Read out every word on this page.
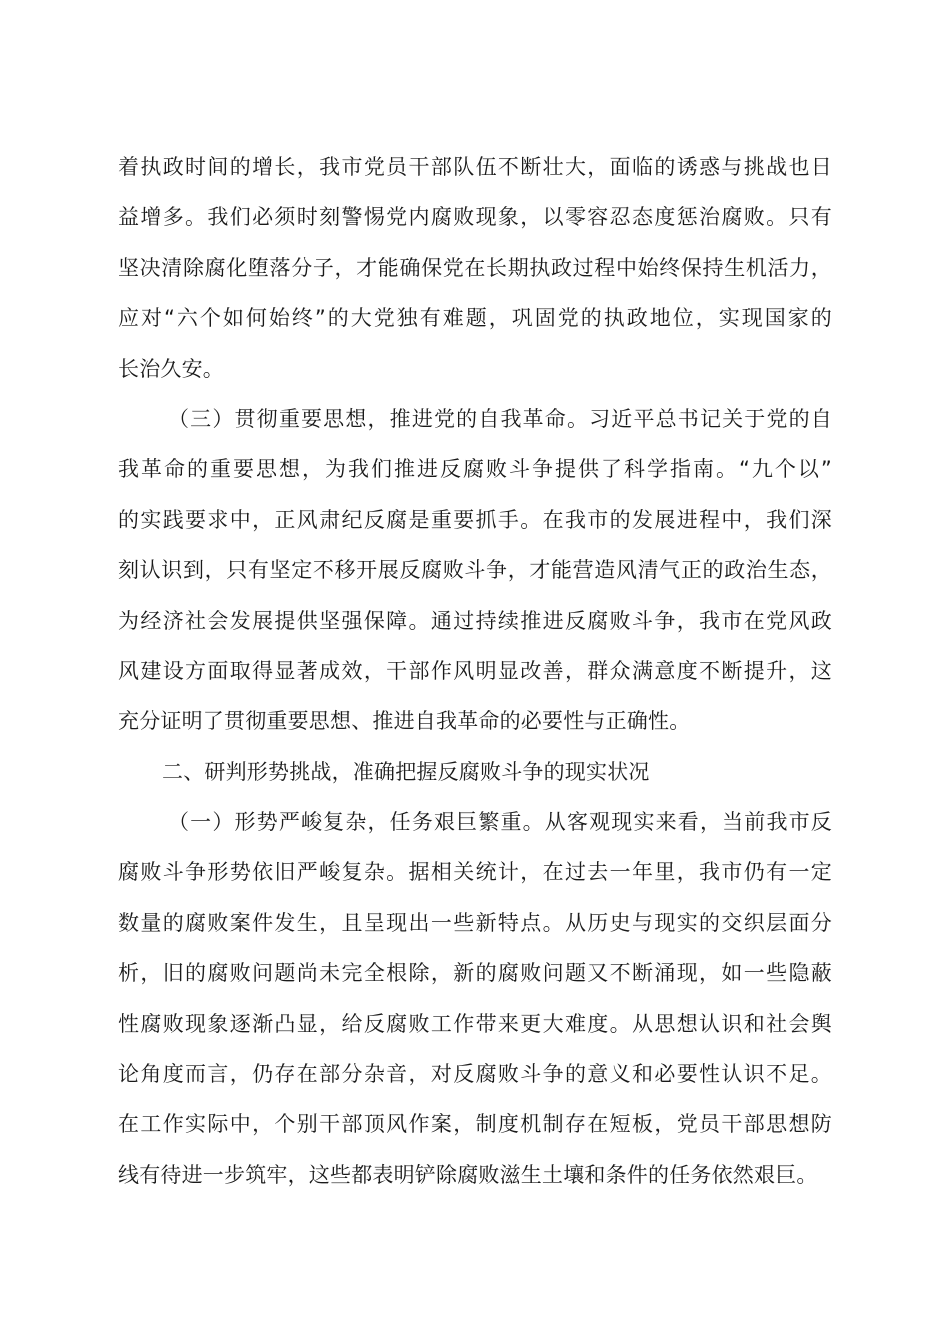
着执政时间的增长，我市党员干部队伍不断壮大，面临的诱惑与挑战也日
益增多。我们必须时刻警惕党内腐败现象，以零容忍态度惩治腐败。只有
坚决清除腐化堕落分子，才能确保党在长期执政过程中始终保持生机活力，
应对“六个如何始终”的大党独有难题，巩固党的执政地位，实现国家的
长治久安。
（三）贯彻重要思想，推进党的自我革命。习近平总书记关于党的自
我革命的重要思想，为我们推进反腐败斗争提供了科学指南。“九个以”
的实践要求中，正风肃纪反腐是重要抓手。在我市的发展进程中，我们深
刻认识到，只有坚定不移开展反腐败斗争，才能营造风清气正的政治生态，
为经济社会发展提供坚强保障。通过持续推进反腐败斗争，我市在党风政
风建设方面取得显著成效，干部作风明显改善，群众满意度不断提升，这
充分证明了贯彻重要思想、推进自我革命的必要性与正确性。
二、研判形势挑战，准确把握反腐败斗争的现实状况
（一）形势严峻复杂，任务艰巨繁重。从客观现实来看，当前我市反
腐败斗争形势依旧严峻复杂。据相关统计，在过去一年里，我市仍有一定
数量的腐败案件发生，且呈现出一些新特点。从历史与现实的交织层面分
析，旧的腐败问题尚未完全根除，新的腐败问题又不断涌现，如一些隐蔽
性腐败现象逐渐凸显，给反腐败工作带来更大难度。从思想认识和社会舆
论角度而言，仍存在部分杂音，对反腐败斗争的意义和必要性认识不足。
在工作实际中，个别干部顶风作案，制度机制存在短板，党员干部思想防
线有待进一步筑牢，这些都表明铲除腐败滋生土壤和条件的任务依然艰巨。
